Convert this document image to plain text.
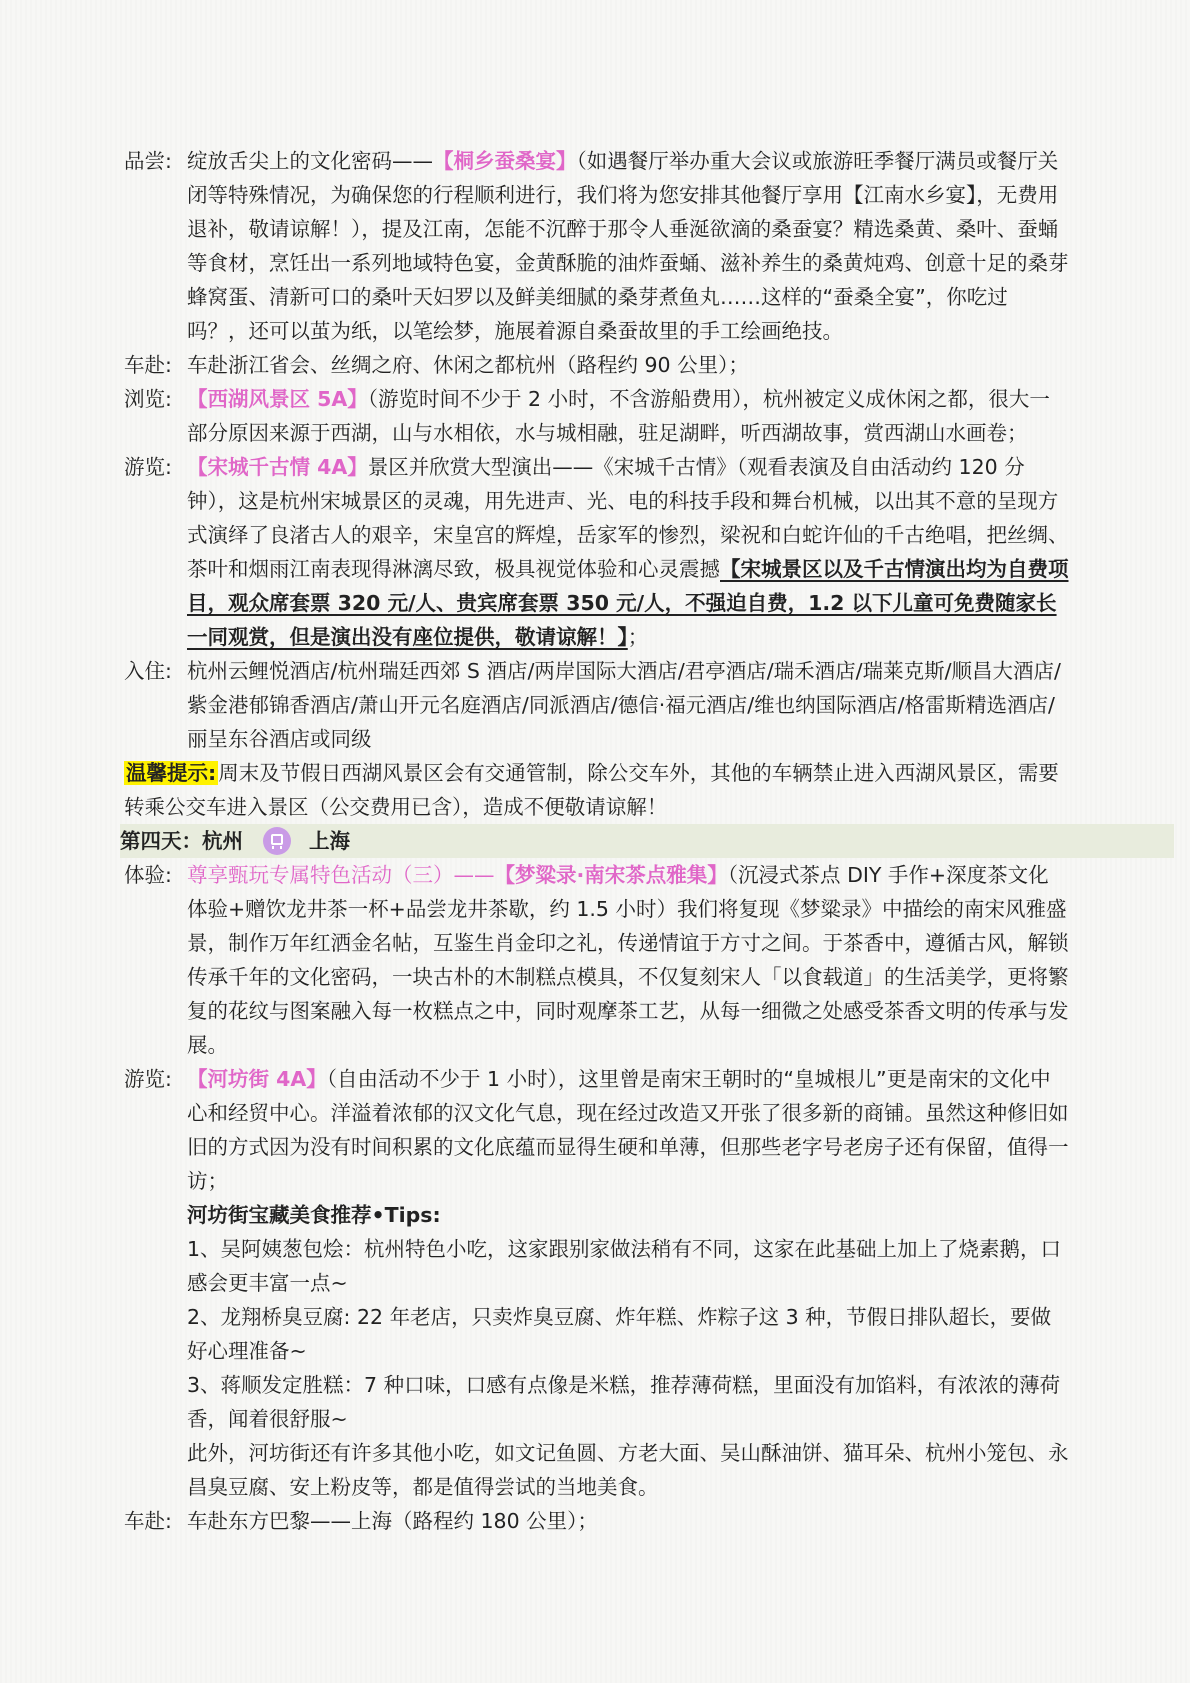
品尝: 绽放舌尖上的文化密码——【桐乡蚕桑宴】（如遇餐厅举办重大会议或旅游旺季餐厅满员或餐厅关闭等特殊情况，为确保您的行程顺利进行，我们将为您安排其他餐厅享用【江南水乡宴】，无费用退补，敬请谅解！），提及江南，怎能不沉醉于那令人垂涎欲滴的桑蚕宴？精选桑黄、桑叶、蚕蛹等食材，烹饪出一系列地域特色宴，金黄酥脆的油炸蚕蛹、滋补养生的桑黄炖鸡、创意十足的桑芽蜂窝蛋、清新可口的桑叶天妇罗以及鲜美细腻的桑芽煮鱼丸……这样的“蚕桑全宴”，你吃过吗？，还可以茧为纸，以笔绘梦，施展着源自桑蚕故里的手工绘画绝技。
车赴: 车赴浙江省会、丝绸之府、休闲之都杭州（路程约 90 公里）；
浏览: 【西湖风景区 5A】（游览时间不少于 2 小时，不含游船费用），杭州被定义成休闲之都，很大一部分原因来源于西湖，山与水相依，水与城相融，驻足湖畔，听西湖故事，赏西湖山水画卷；
游览: 【宋城千古情 4A】景区并欣赏大型演出——《宋城千古情》（观看表演及自由活动约 120 分钟），这是杭州宋城景区的灵魂，用先进声、光、电的科技手段和舞台机械，以出其不意的呈现方式演绎了良渚古人的艰辛，宋皇宫的辉煌，岳家军的惨烈，梁祝和白蛇许仙的千古绝唱，把丝绸、茶叶和烟雨江南表现得淋漓尽致，极具视觉体验和心灵震撼【宋城景区以及千古情演出均为自费项目，观众席套票 320 元/人、贵宾席套票 350 元/人，不强迫自费，1.2 以下儿童可免费随家长一同观赏，但是演出没有座位提供，敬请谅解！】；
入住: 杭州云鲤悦酒店/杭州瑞廷西郊 S 酒店/两岸国际大酒店/君亭酒店/瑞禾酒店/瑞莱克斯/顺昌大酒店/紫金港郁锦香酒店/萧山开元名庭酒店/同派酒店/德信·福元酒店/维也纳国际酒店/格雷斯精选酒店/丽呈东谷酒店或同级
温馨提示:周末及节假日西湖风景区会有交通管制，除公交车外，其他的车辆禁止进入西湖风景区，需要转乘公交车进入景区（公交费用已含），造成不便敬请谅解！
第四天：杭州	上海
体验: 尊享甄玩专属特色活动（三）——【梦粱录·南宋茶点雅集】（沉浸式茶点 DIY 手作+深度茶文化体验+赠饮龙井茶一杯+品尝龙井茶歇，约 1.5 小时）我们将复现《梦粱录》中描绘的南宋风雅盛景，制作万年红洒金名帖，互鉴生肖金印之礼，传递情谊于方寸之间。于茶香中，遵循古风，解锁传承千年的文化密码，一块古朴的木制糕点模具，不仅复刻宋人「以食载道」的生活美学，更将繁复的花纹与图案融入每一枚糕点之中，同时观摩茶工艺，从每一细微之处感受茶香文明的传承与发展。
游览: 【河坊街 4A】（自由活动不少于 1 小时），这里曾是南宋王朝时的“皇城根儿”更是南宋的文化中心和经贸中心。洋溢着浓郁的汉文化气息，现在经过改造又开张了很多新的商铺。虽然这种修旧如旧的方式因为没有时间积累的文化底蕴而显得生硬和单薄，但那些老字号老房子还有保留，值得一访；
河坊街宝藏美食推荐•Tips:
1、吴阿姨葱包烩：杭州特色小吃，这家跟别家做法稍有不同，这家在此基础上加上了烧素鹅，口感会更丰富一点~
2、龙翔桥臭豆腐: 22 年老店，只卖炸臭豆腐、炸年糕、炸粽子这 3 种，节假日排队超长，要做好心理准备~
3、蒋顺发定胜糕：7 种口味，口感有点像是米糕，推荐薄荷糕，里面没有加馅料，有浓浓的薄荷香，闻着很舒服~
此外，河坊街还有许多其他小吃，如文记鱼圆、方老大面、吴山酥油饼、猫耳朵、杭州小笼包、永昌臭豆腐、安上粉皮等，都是值得尝试的当地美食。
车赴: 车赴东方巴黎——上海（路程约 180 公里）；
